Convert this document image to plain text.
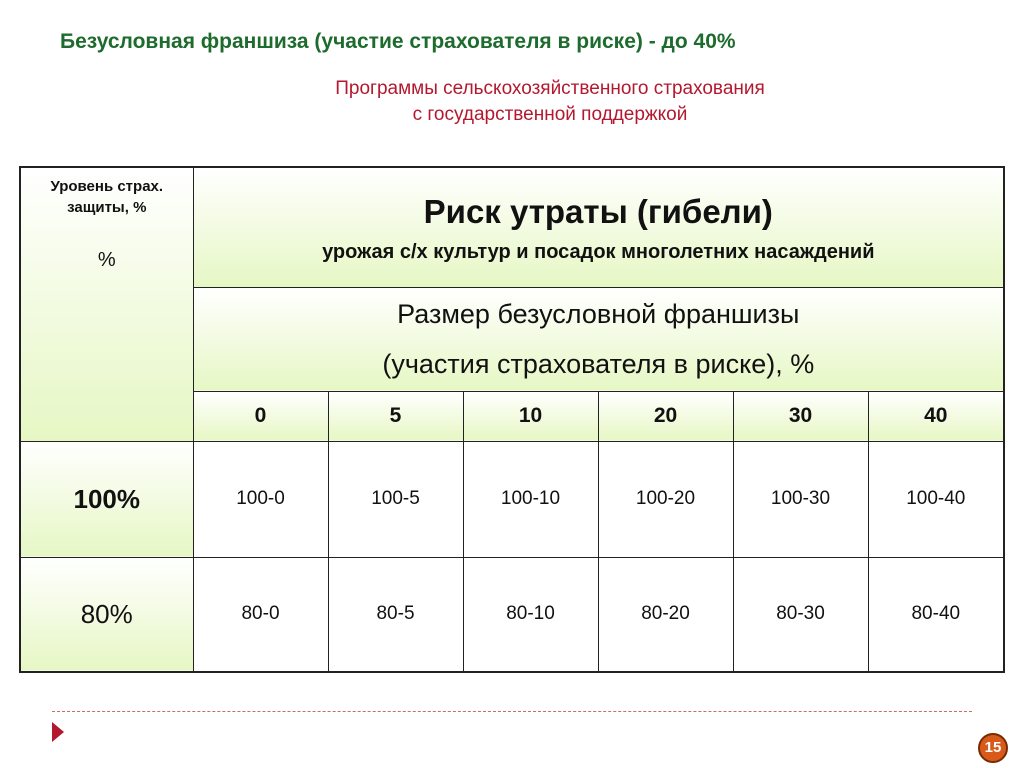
Безусловная франшиза (участие страхователя в риске) - до 40%
Программы сельскохозяйственного страхования
с государственной поддержкой
Уровень страх. защиты, %
%	Риск утраты (гибели)
урожая с/х культур и посадок многолетних насаждений					

	Размер безусловной франшизы
(участия страхователя в риске), %					

	0	5	10	20	30	40
100%	100-0	100-5	100-10	100-20	100-30	100-40
80%	80-0	80-5	80-10	80-20	80-30	80-40
15
